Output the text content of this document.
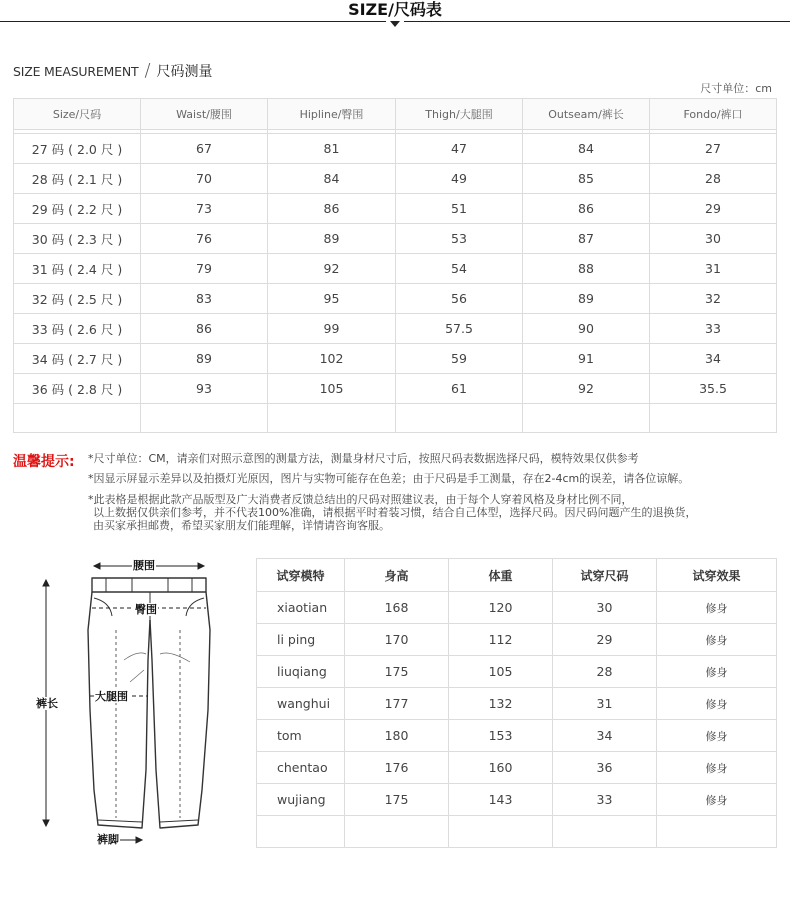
SIZE/尺码表
SIZE MEASUREMENT / 尺码测量
尺寸单位：cm
Size/尺码	Waist/腰围	Hipline/臀围	Thigh/大腿围	Outseam/裤长	Fondo/裤口

27 码 ( 2.0 尺 )	67	81	47	84	27
28 码 ( 2.1 尺 )	70	84	49	85	28
29 码 ( 2.2 尺 )	73	86	51	86	29
30 码 ( 2.3 尺 )	76	89	53	87	30
31 码 ( 2.4 尺 )	79	92	54	88	31
32 码 ( 2.5 尺 )	83	95	56	89	32
33 码 ( 2.6 尺 )	86	99	57.5	90	33
34 码 ( 2.7 尺 )	89	102	59	91	34
36 码 ( 2.8 尺 )	93	105	61	92	35.5

温馨提示: *尺寸单位：CM，请亲们对照示意图的测量方法，测量身材尺寸后，按照尺码表数据选择尺码，模特效果仅供参考
*因显示屏显示差异以及拍摄灯光原因，图片与实物可能存在色差；由于尺码是手工测量，存在2-4cm的误差，请各位谅解。
*此表格是根据此款产品版型及广大消费者反馈总结出的尺码对照建议表，由于每个人穿着风格及身材比例不同，
以上数据仅供亲们参考，并不代表100%准确，请根据平时着装习惯，结合自己体型，选择尺码。因尺码问题产生的退换货，
由买家承担邮费，希望买家朋友们能理解，详情请咨询客服。
腰围
臀围
大腿围
裤长
裤脚
试穿模特	身高	体重	试穿尺码	试穿效果
xiaotian	168	120	30	修身
li ping	170	112	29	修身
liuqiang	175	105	28	修身
wanghui	177	132	31	修身
tom	180	153	34	修身
chentao	176	160	36	修身
wujiang	175	143	33	修身
